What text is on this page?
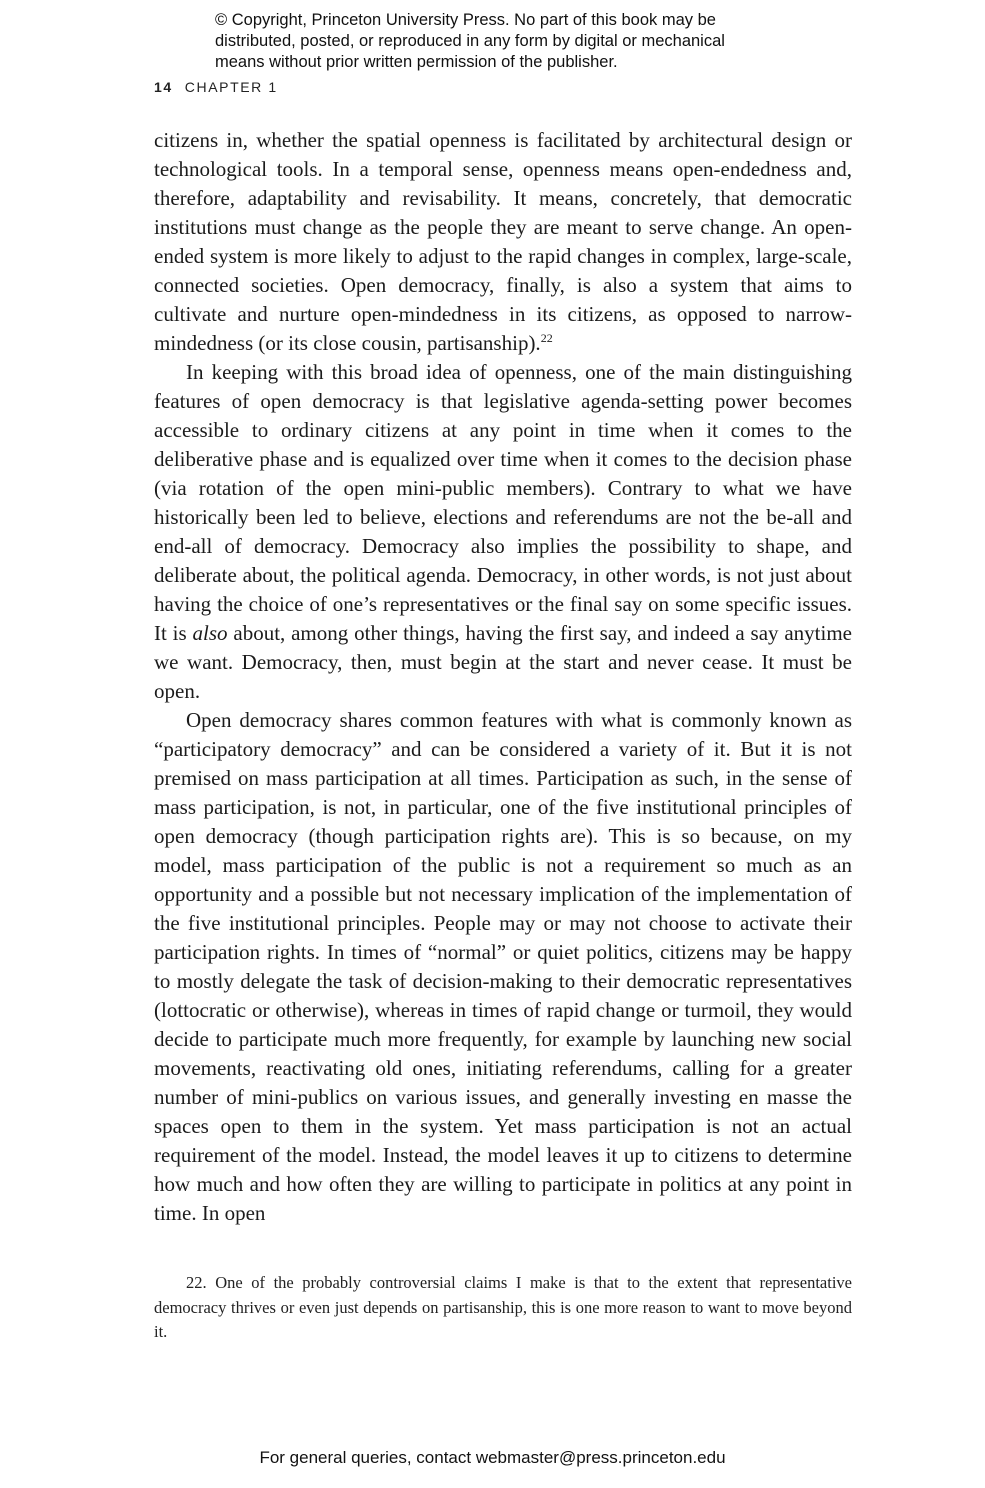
© Copyright, Princeton University Press. No part of this book may be
distributed, posted, or reproduced in any form by digital or mechanical
means without prior written permission of the publisher.
14 CHAPTER 1

citizens in, whether the spatial openness is facilitated by architectural design or technological tools. In a temporal sense, openness means open-endedness and, therefore, adaptability and revisability. It means, concretely, that democratic institutions must change as the people they are meant to serve change. An open-ended system is more likely to adjust to the rapid changes in complex, large-scale, connected societies. Open democracy, finally, is also a system that aims to cultivate and nurture open-mindedness in its citizens, as opposed to narrow-mindedness (or its close cousin, partisanship).$^{22}$

In keeping with this broad idea of openness, one of the main distinguishing features of open democracy is that legislative agenda-setting power becomes accessible to ordinary citizens at any point in time when it comes to the deliberative phase and is equalized over time when it comes to the decision phase (via rotation of the open mini-public members). Contrary to what we have historically been led to believe, elections and referendums are not the be-all and end-all of democracy. Democracy also implies the possibility to shape, and deliberate about, the political agenda. Democracy, in other words, is not just about having the choice of one’s representatives or the final say on some specific issues. It is also about, among other things, having the first say, and indeed a say anytime we want. Democracy, then, must begin at the start and never cease. It must be open.

Open democracy shares common features with what is commonly known as “participatory democracy” and can be considered a variety of it. But it is not premised on mass participation at all times. Participation as such, in the sense of mass participation, is not, in particular, one of the five institutional principles of open democracy (though participation rights are). This is so because, on my model, mass participation of the public is not a requirement so much as an opportunity and a possible but not necessary implication of the implementation of the five institutional principles. People may or may not choose to activate their participation rights. In times of “normal” or quiet politics, citizens may be happy to mostly delegate the task of decision-making to their democratic representatives (lottocratic or otherwise), whereas in times of rapid change or turmoil, they would decide to participate much more frequently, for example by launching new social movements, reactivating old ones, initiating referendums, calling for a greater number of mini-publics on various issues, and generally investing en masse the spaces open to them in the system. Yet mass participation is not an actual requirement of the model. Instead, the model leaves it up to citizens to determine how much and how often they are willing to participate in politics at any point in time. In open

22. One of the probably controversial claims I make is that to the extent that representative democracy thrives or even just depends on partisanship, this is one more reason to want to move beyond it.

For general queries, contact webmaster@press.princeton.edu
